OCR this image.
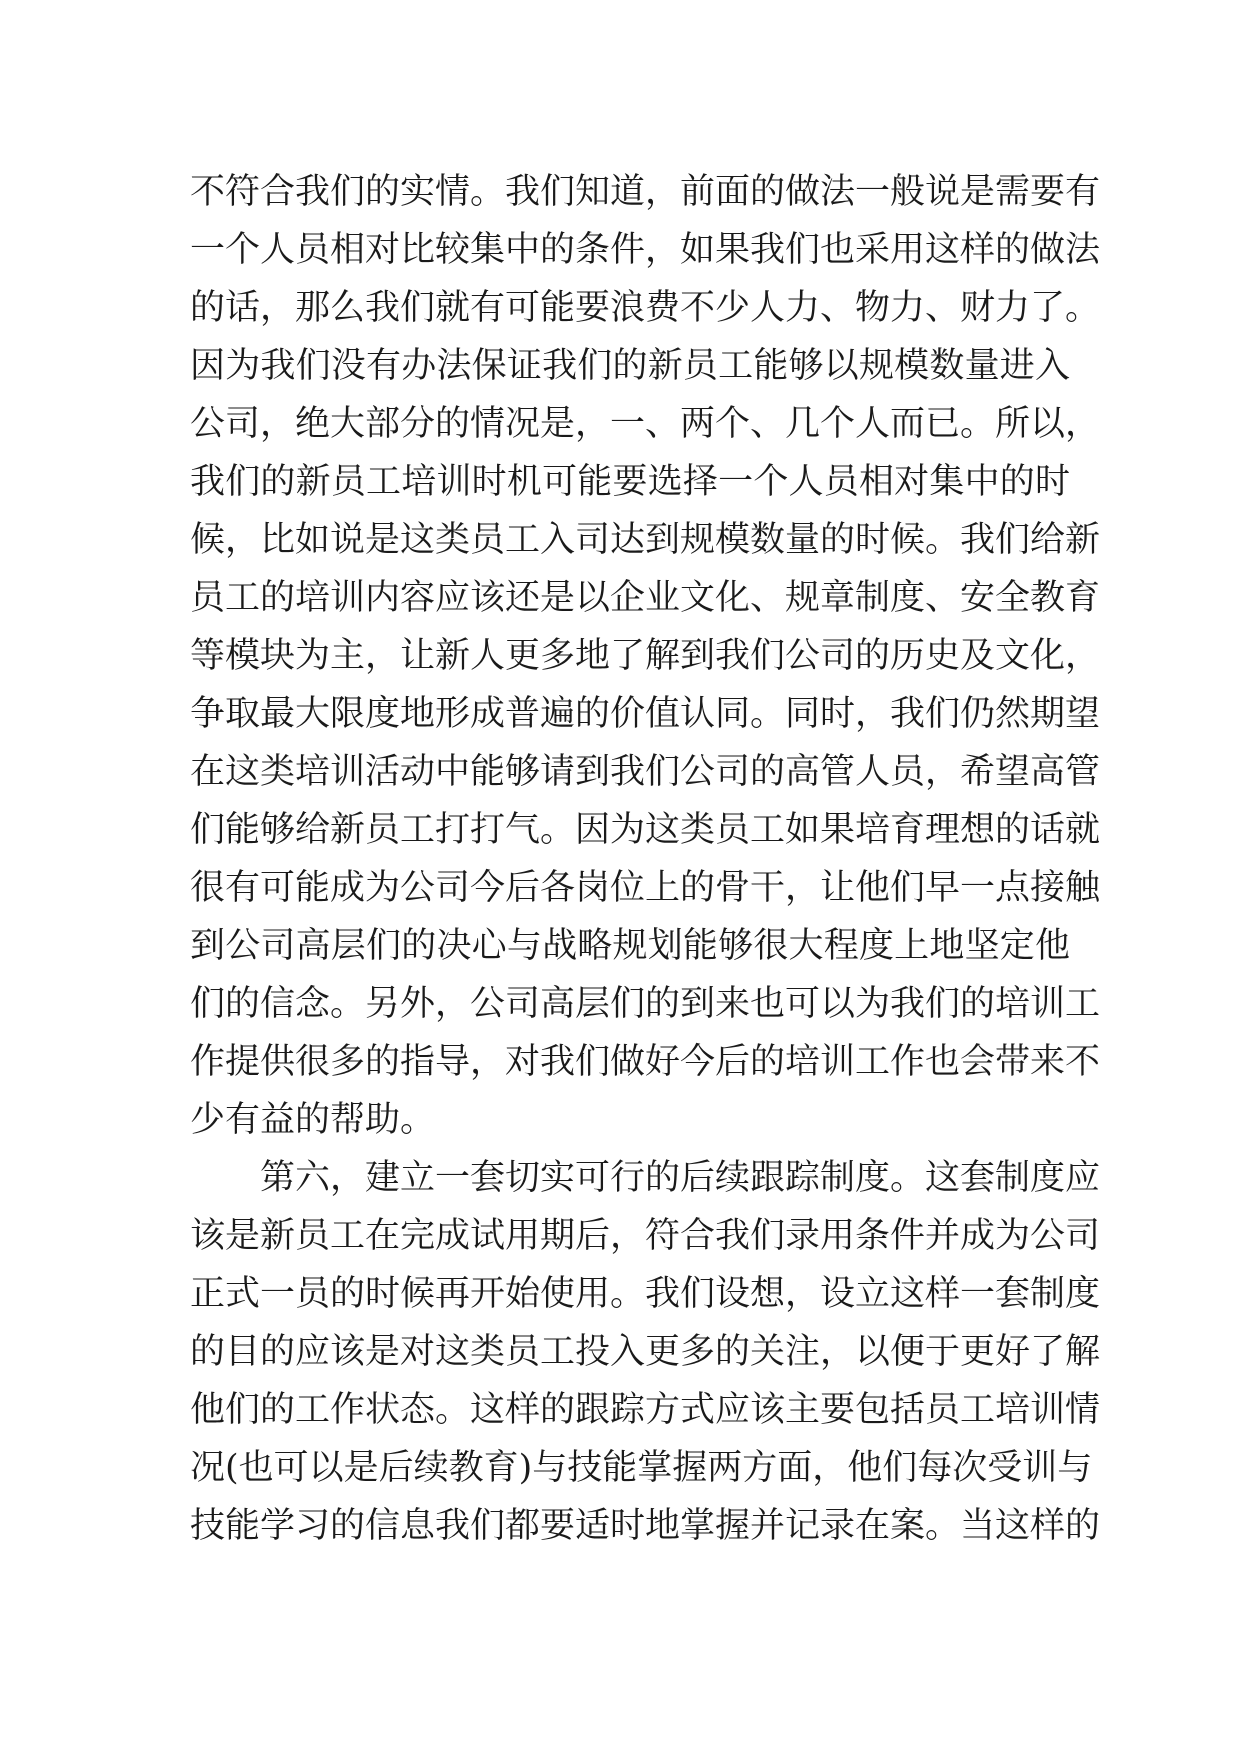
不符合我们的实情。我们知道，前面的做法一般说是需要有
一个人员相对比较集中的条件，如果我们也采用这样的做法
的话，那么我们就有可能要浪费不少人力、物力、财力了。
因为我们没有办法保证我们的新员工能够以规模数量进入
公司，绝大部分的情况是，一、两个、几个人而已。所以，
我们的新员工培训时机可能要选择一个人员相对集中的时
候，比如说是这类员工入司达到规模数量的时候。我们给新
员工的培训内容应该还是以企业文化、规章制度、安全教育
等模块为主，让新人更多地了解到我们公司的历史及文化，
争取最大限度地形成普遍的价值认同。同时，我们仍然期望
在这类培训活动中能够请到我们公司的高管人员，希望高管
们能够给新员工打打气。因为这类员工如果培育理想的话就
很有可能成为公司今后各岗位上的骨干，让他们早一点接触
到公司高层们的决心与战略规划能够很大程度上地坚定他
们的信念。另外，公司高层们的到来也可以为我们的培训工
作提供很多的指导，对我们做好今后的培训工作也会带来不
少有益的帮助。
第六，建立一套切实可行的后续跟踪制度。这套制度应
该是新员工在完成试用期后，符合我们录用条件并成为公司
正式一员的时候再开始使用。我们设想，设立这样一套制度
的目的应该是对这类员工投入更多的关注，以便于更好了解
他们的工作状态。这样的跟踪方式应该主要包括员工培训情
况(也可以是后续教育)与技能掌握两方面，他们每次受训与
技能学习的信息我们都要适时地掌握并记录在案。当这样的
